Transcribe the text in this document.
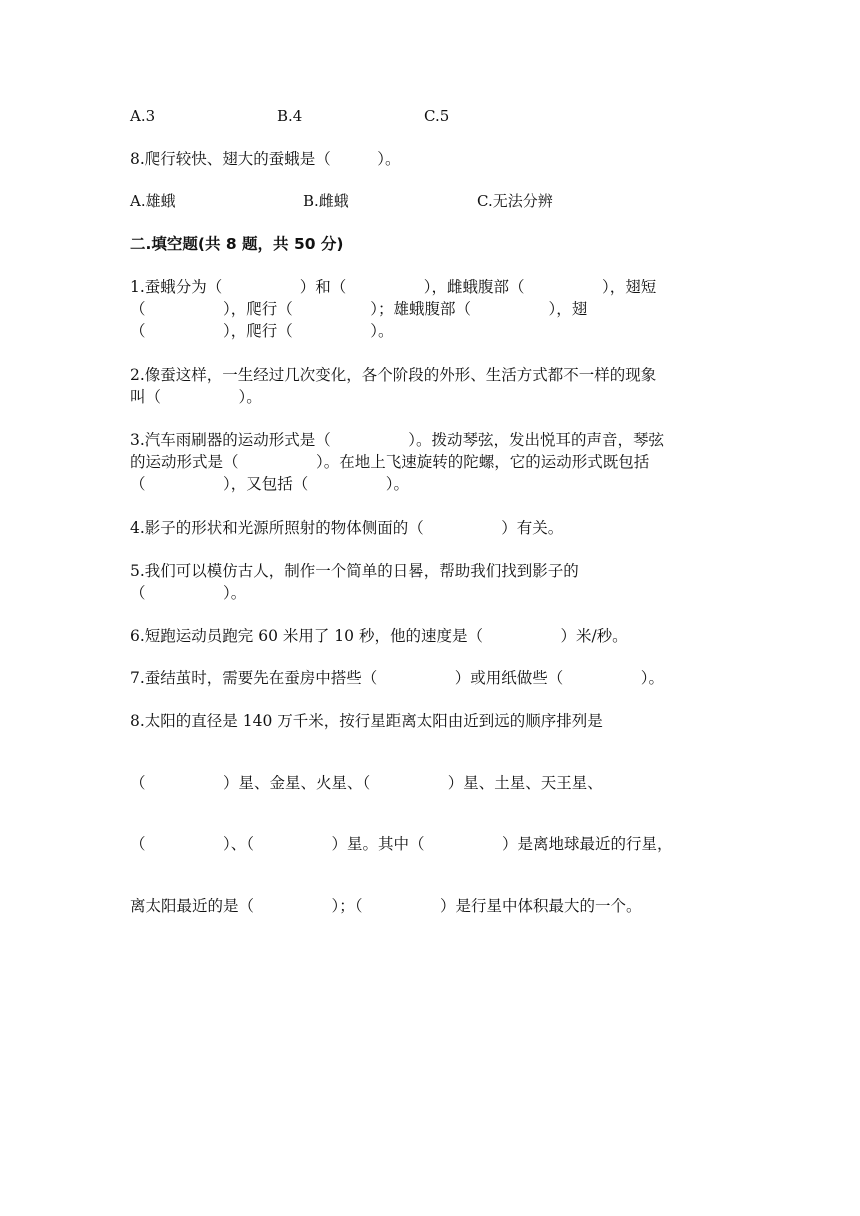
A.3	B.4	C.5
8.爬行较快、翅大的蚕蛾是（　　　）。
A.雄蛾	B.雌蛾	C.无法分辨
二.填空题(共 8 题，共 50 分)
1.蚕蛾分为（　　　　　）和（　　　　　），雌蛾腹部（　　　　　），翅短
（　　　　　），爬行（　　　　　）；雄蛾腹部（　　　　　），翅
（　　　　　），爬行（　　　　　）。
2.像蚕这样，一生经过几次变化，各个阶段的外形、生活方式都不一样的现象
叫（　　　　　）。
3.汽车雨刷器的运动形式是（　　　　　）。拨动琴弦，发出悦耳的声音，琴弦
的运动形式是（　　　　　）。在地上飞速旋转的陀螺，它的运动形式既包括
（　　　　　），又包括（　　　　　）。
4.影子的形状和光源所照射的物体侧面的（　　　　　）有关。
5.我们可以模仿古人，制作一个简单的日晷，帮助我们找到影子的
（　　　　　）。
6.短跑运动员跑完 60 米用了 10 秒，他的速度是（　　　　　）米/秒。
7.蚕结茧时，需要先在蚕房中搭些（　　　　　）或用纸做些（　　　　　）。
8.太阳的直径是 140 万千米，按行星距离太阳由近到远的顺序排列是
（　　　　　）星、金星、火星、（　　　　　）星、土星、天王星、
（　　　　　）、（　　　　　）星。其中（　　　　　）是离地球最近的行星，
离太阳最近的是（　　　　　）；（　　　　　）是行星中体积最大的一个。
